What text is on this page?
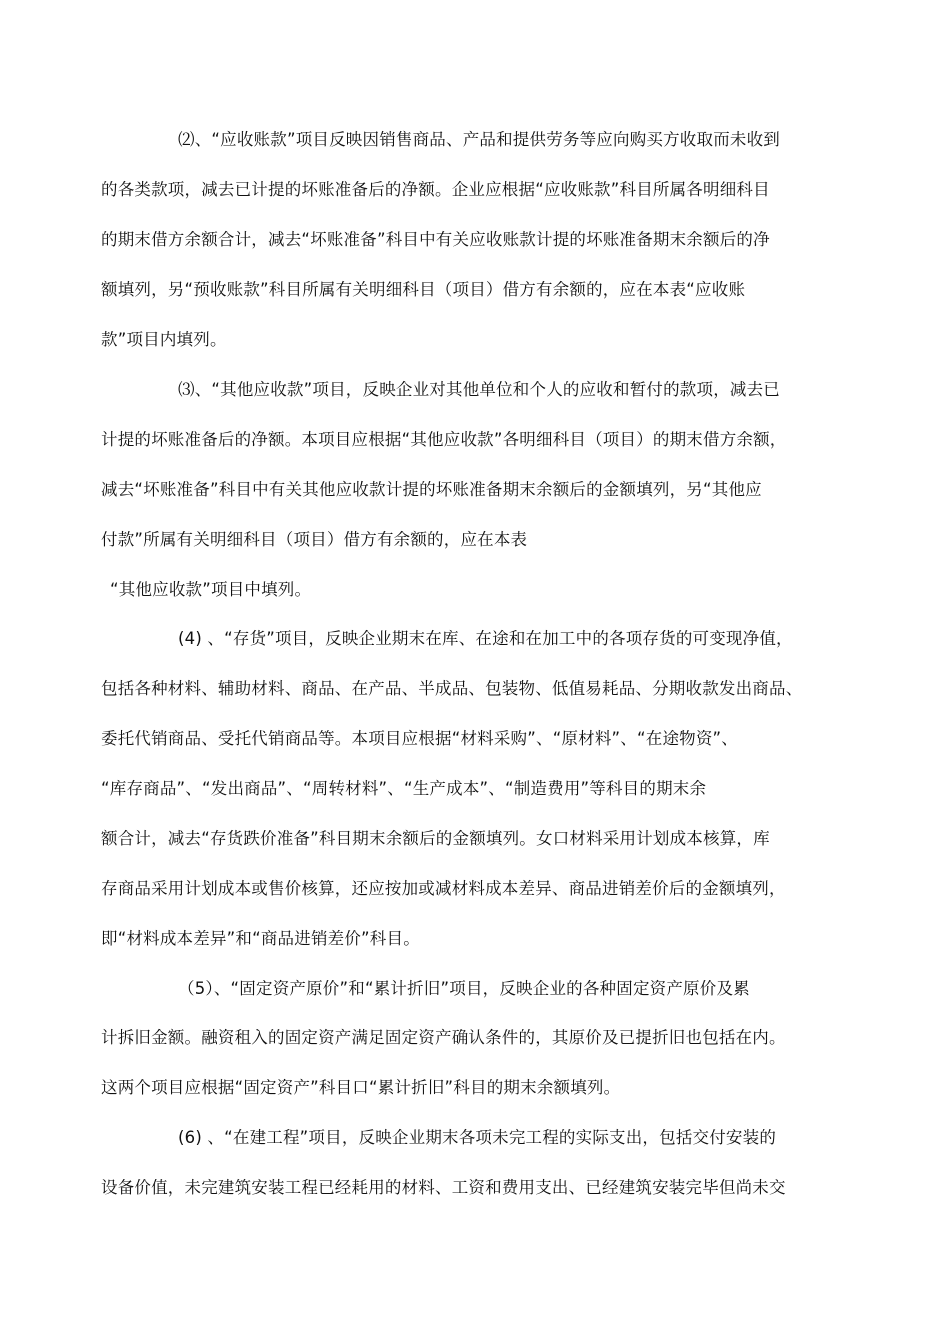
⑵、“应收账款”项目反映因销售商品、产品和提供劳务等应向购买方收取而未收到
的各类款项，减去已计提的坏账准备后的净额。企业应根据“应收账款”科目所属各明细科目
的期末借方余额合计，减去“坏账准备”科目中有关应收账款计提的坏账准备期末余额后的净
额填列，另“预收账款”科目所属有关明细科目（项目）借方有余额的，应在本表“应收账
款”项目内填列。
⑶、“其他应收款”项目，反映企业对其他单位和个人的应收和暂付的款项，减去已
计提的坏账准备后的净额。本项目应根据“其他应收款”各明细科目（项目）的期末借方余额，
减去“坏账准备”科目中有关其他应收款计提的坏账准备期末余额后的金额填列，另“其他应
付款”所属有关明细科目（项目）借方有余额的，应在本表
“其他应收款”项目中填列。
(4) 、“存货”项目，反映企业期末在库、在途和在加工中的各项存货的可变现净值，
包括各种材料、辅助材料、商品、在产品、半成品、包装物、低值易耗品、分期收款发出商品、
委托代销商品、受托代销商品等。本项目应根据“材料采购”、“原材料”、“在途物资”、
“库存商品”、“发出商品”、“周转材料”、“生产成本”、“制造费用”等科目的期末余
额合计，减去“存货跌价准备”科目期末余额后的金额填列。女口材料采用计划成本核算，库
存商品采用计划成本或售价核算，还应按加或减材料成本差异、商品进销差价后的金额填列，
即“材料成本差异”和“商品进销差价”科目。
（5）、“固定资产原价”和“累计折旧”项目，反映企业的各种固定资产原价及累
计拆旧金额。融资租入的固定资产满足固定资产确认条件的，其原价及已提折旧也包括在内。
这两个项目应根据“固定资产”科目口“累计折旧”科目的期末余额填列。
(6) 、“在建工程”项目，反映企业期末各项未完工程的实际支出，包括交付安装的
设备价值，未完建筑安装工程已经耗用的材料、工资和费用支出、已经建筑安装完毕但尚未交
